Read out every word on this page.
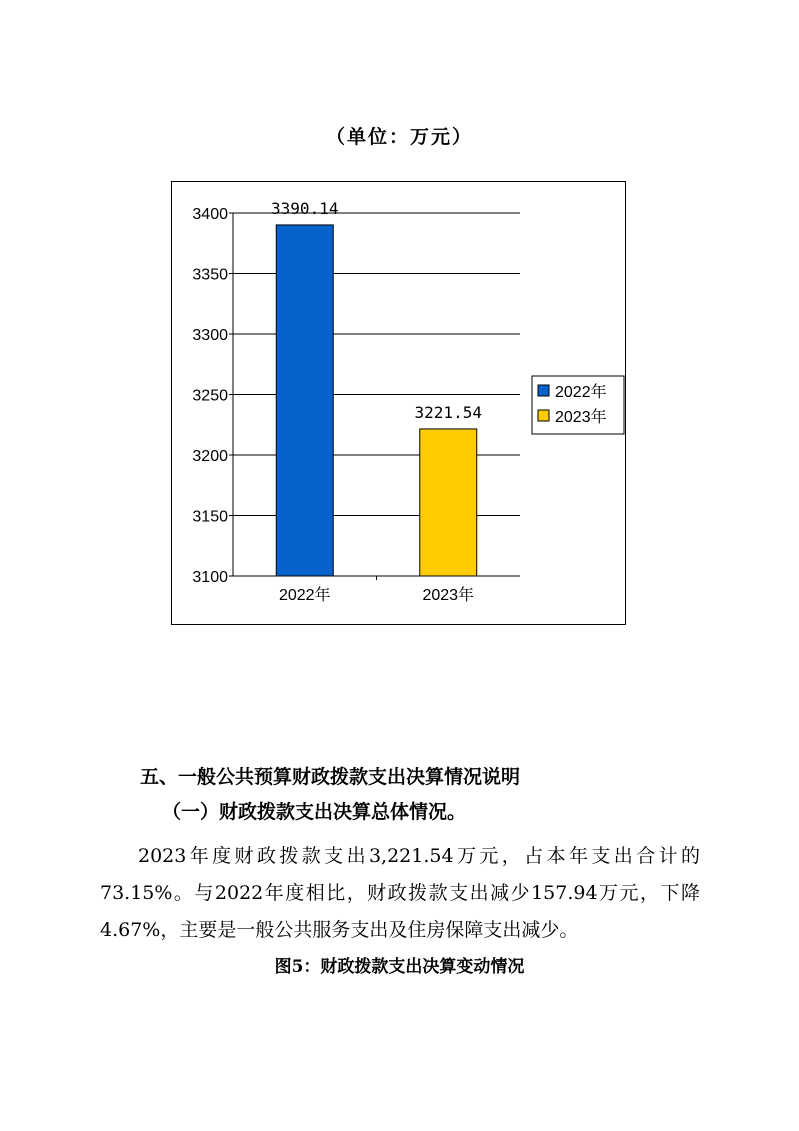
（单位：万元）
3100
3150
3200
3250
3300
3350
3400	3390.14
2022年
3221.54
2023年
2022年
2023年
五、一般公共预算财政拨款支出决算情况说明
（一）财政拨款支出决算总体情况。
2023年度财政拨款支出3,221.54万元，占本年支出合计的
73.15%。与2022年度相比，财政拨款支出减少157.94万元，下降
4.67%，主要是一般公共服务支出及住房保障支出减少。
图5：财政拨款支出决算变动情况
